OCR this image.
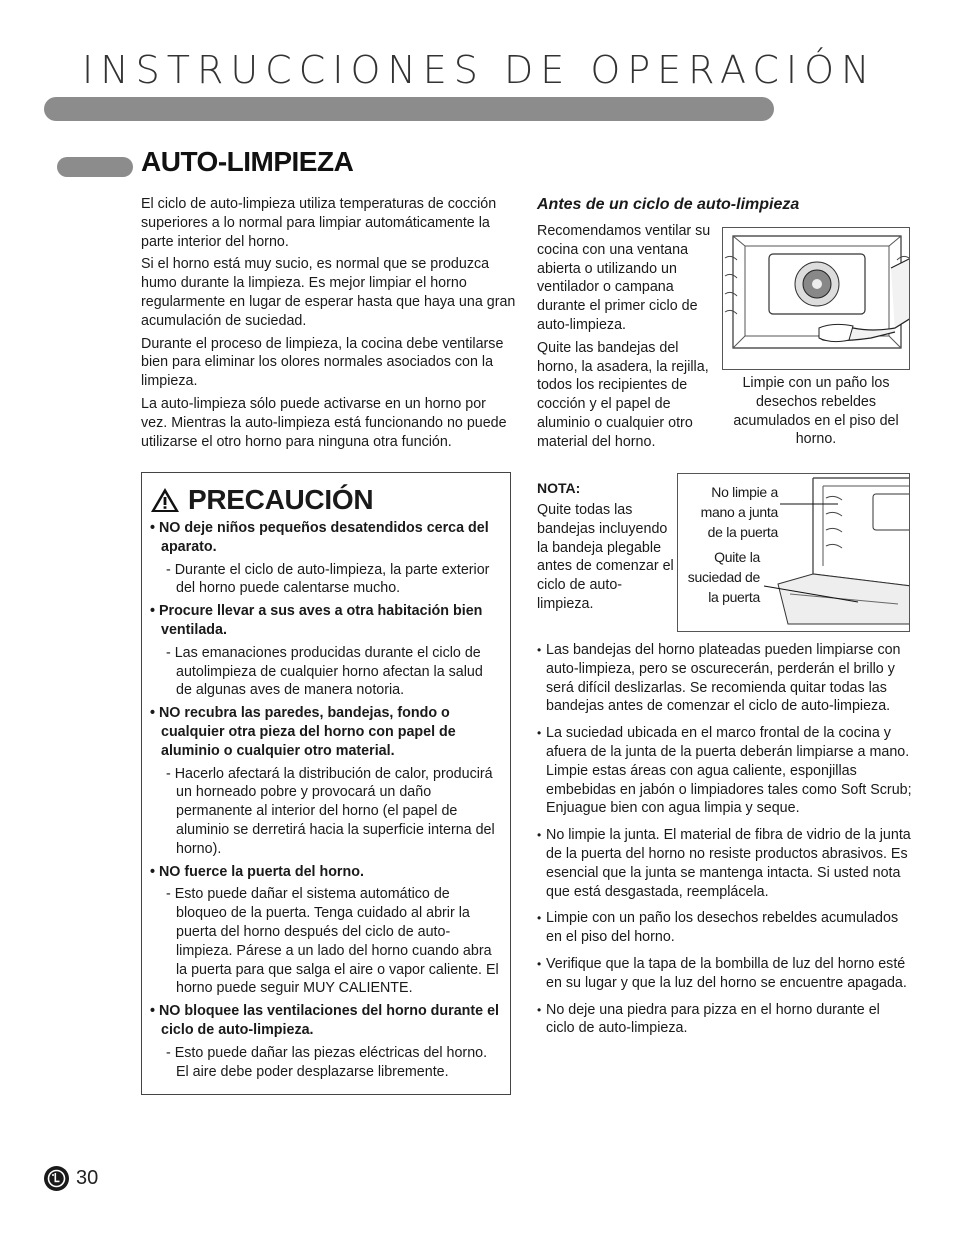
INSTRUCCIONES DE OPERACIÓN
AUTO-LIMPIEZA

El ciclo de auto-limpieza utiliza temperaturas de cocción superiores a lo normal para limpiar automáticamente la parte interior del horno.

Si el horno está muy sucio, es normal que se produzca humo durante la limpieza. Es mejor limpiar el horno regularmente en lugar de esperar hasta que haya una gran acumulación de suciedad.

Durante el proceso de limpieza, la cocina debe ventilarse bien para eliminar los olores normales asociados con la limpieza.

La auto-limpieza sólo puede activarse en un horno por vez. Mientras la auto-limpieza está funcionando no puede utilizarse el otro horno para ninguna otra función.

PRECAUCIÓN
• NO deje niños pequeños desatendidos cerca del aparato.
- Durante el ciclo de auto-limpieza, la parte exterior del horno puede calentarse mucho.
• Procure llevar a sus aves a otra habitación bien ventilada.
- Las emanaciones producidas durante el ciclo de autolimpieza de cualquier horno afectan la salud de algunas aves de manera notoria.
• NO recubra las paredes, bandejas, fondo o cualquier otra pieza del horno con papel de aluminio o cualquier otro material.
- Hacerlo afectará la distribución de calor, producirá un horneado pobre y provocará un daño permanente al interior del horno (el papel de aluminio se derretirá hacia la superficie interna del horno).
• NO fuerce la puerta del horno.
- Esto puede dañar el sistema automático de bloqueo de la puerta. Tenga cuidado al abrir la puerta del horno después del ciclo de auto-limpieza. Párese a un lado del horno cuando abra la puerta para que salga el aire o vapor caliente. El horno puede seguir MUY CALIENTE.
• NO bloquee las ventilaciones del horno durante el ciclo de auto-limpieza.
- Esto puede dañar las piezas eléctricas del horno. El aire debe poder desplazarse libremente.
Antes de un ciclo de auto-limpieza

Recomendamos ventilar su cocina con una ventana abierta o utilizando un ventilador o campana durante el primer ciclo de auto-limpieza.

Quite las bandejas del horno, la asadera, la rejilla, todos los recipientes de cocción y el papel de aluminio o cualquier otro material del horno.

Limpie con un paño los desechos rebeldes acumulados en el piso del horno.
NOTA:
Quite todas las bandejas incluyendo la bandeja plegable antes de comenzar el ciclo de auto-limpieza.
No limpie a mano a junta de la puerta
Quite la suciedad de la puerta
• Las bandejas del horno plateadas pueden limpiarse con auto-limpieza, pero se oscurecerán, perderán el brillo y será difícil deslizarlas. Se recomienda quitar todas las bandejas antes de comenzar el ciclo de auto-limpieza.
• La suciedad ubicada en el marco frontal de la cocina y afuera de la junta de la puerta deberán limpiarse a mano. Limpie estas áreas con agua caliente, esponjillas embebidas en jabón o limpiadores tales como Soft Scrub; Enjuague bien con agua limpia y seque.
• No limpie la junta. El material de fibra de vidrio de la junta de la puerta del horno no resiste productos abrasivos. Es esencial que la junta se mantenga intacta. Si usted nota que está desgastada, reemplácela.
• Limpie con un paño los desechos rebeldes acumulados en el piso del horno.
• Verifique que la tapa de la bombilla de luz del horno esté en su lugar y que la luz del horno se encuentre apagada.
• No deje una piedra para pizza en el horno durante el ciclo de auto-limpieza.
30
